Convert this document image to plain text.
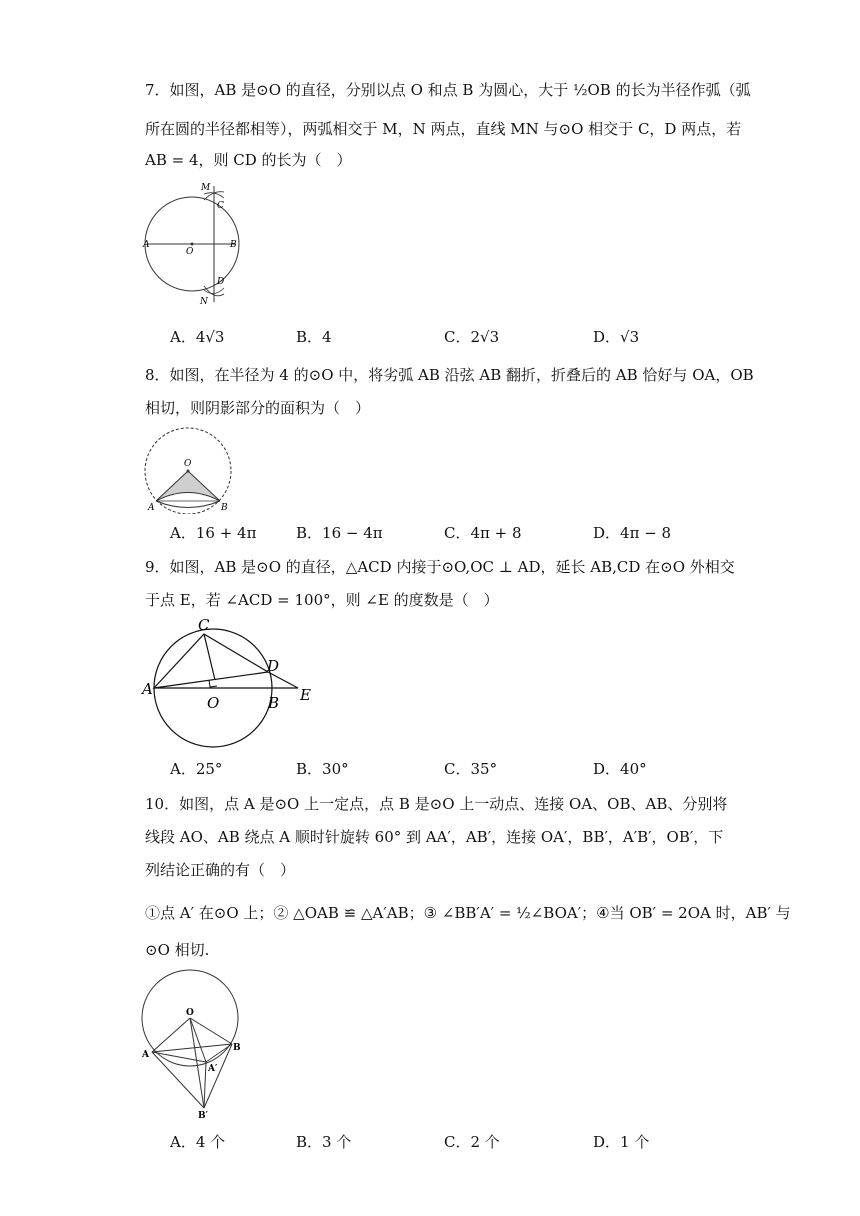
7．如图，AB 是⊙O 的直径，分别以点 O 和点 B 为圆心，大于 ½OB 的长为半径作弧（弧
所在圆的半径都相等），两弧相交于 M，N 两点，直线 MN 与⊙O 相交于 C，D 两点，若
AB = 4，则 CD 的长为（　）
M
C
A
O
B
D
N
A．4√3	B．4	C．2√3	D．√3
8．如图，在半径为 4 的⊙O 中，将劣弧 AB 沿弦 AB 翻折，折叠后的 AB 恰好与 OA，OB
相切，则阴影部分的面积为（　）
O
A	B
A．16 + 4π	B．16 − 4π	C．4π + 8	D．4π − 8
9．如图，AB 是⊙O 的直径，△ACD 内接于⊙O,OC ⊥ AD，延长 AB,CD 在⊙O 外相交
于点 E，若 ∠ACD = 100°，则 ∠E 的度数是（　）
C
D
A
O	B E
A．25°	B．30°	C．35°	D．40°
10．如图，点 A 是⊙O 上一定点，点 B 是⊙O 上一动点、连接 OA、OB、AB、分别将
线段 AO、AB 绕点 A 顺时针旋转 60° 到 AA′，AB′，连接 OA′，BB′，A′B′，OB′，下
列结论正确的有（　）
①点 A′ 在⊙O 上；② △OAB ≌ △A′AB；③ ∠BB′A′ = ½∠BOA′；④当 OB′ = 2OA 时，AB′ 与
⊙O 相切.
O
A
B
A′
B′
A．4 个	B．3 个	C．2 个	D．1 个
